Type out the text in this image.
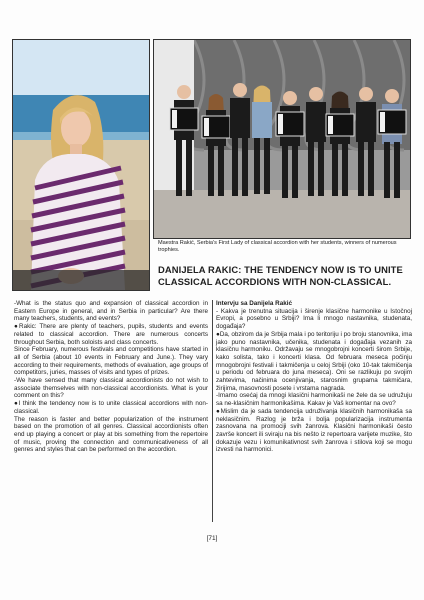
Maestra Rakić, Serbia's First Lady of classical accordion with her students, winners of numerous trophies.
DANIJELA RAKIC: THE TENDENCY NOW IS TO UNITE CLASSICAL ACCORDIONS WITH NON-CLASSICAL.

-What is the status quo and expansion of classical accordion in Eastern Europe in general, and in Serbia in particular? Are there many teachers, students, and events?

●Rakic: There are plenty of teachers, pupils, students and events related to classical accordion. There are numerous concerts throughout Serbia, both soloists and class concerts.

Since February, numerous festivals and competitions have started in all of Serbia (about 10 events in February and June.). They vary according to their requirements, methods of evaluation, age groups of competitors, juries, masses of visits and types of prizes.

-We have sensed that many classical accordionists do not wish to associate themselves with non-classical accordionists. What is your comment on this?

●I think the tendency now is to unite classical accordions with non-classical.

The reason is faster and better popularization of the instrument based on the promotion of all genres. Classical accordionists often end up playing a concert or play at bis something from the repertoire of music, proving the connection and communicativeness of all genres and styles that can be performed on the accordion.

Intervju sa Danijela Rakić

- Kakva je trenutna situacija i širenje klasične harmonike u Istočnoj Evropi, a posebno u Srbiji? Ima li mnogo nastavnika, studenata, događaja?

●Da, obzirom da je Srbija mala i po teritoriju i po broju stanovnika, ima jako puno nastavnika, učenika, studenata i događaja vezanih za klasičnu harmoniku. Održavaju se mnogobrojni koncerti širom Srbije, kako solista, tako i koncerti klasa. Od februara meseca počinju mnogobrojni festivali i takmičenja u celoj Srbiji (oko 10-tak takmičenja u periodu od februara do juna meseca). Oni se razlikuju po svojim zahtevima, načinima ocenjivanja, starosnim grupama takmičara, žirijima, masovnosti posete i vrstama nagrada.

-Imamo osećaj da mnogi klasični harmonikaši ne žele da se udružuju sa ne-klasičnim harmonikašima. Kakav je Vaš komentar na ovo?

●Mislim da je sada tendencija udruživanja klasičnih harmonikaša sa neklasičnim. Razlog je brža i bolja popularizacija instrumenta zasnovana na promociji svih žanrova. Klasični harmonikaši često završe koncert ili sviraju na bis nešto iz repertoara varijete muzike, što dokazuje vezu i komunikativnost svih žanrova i stilova koji se mogu izvesti na harmonici.

[71]
